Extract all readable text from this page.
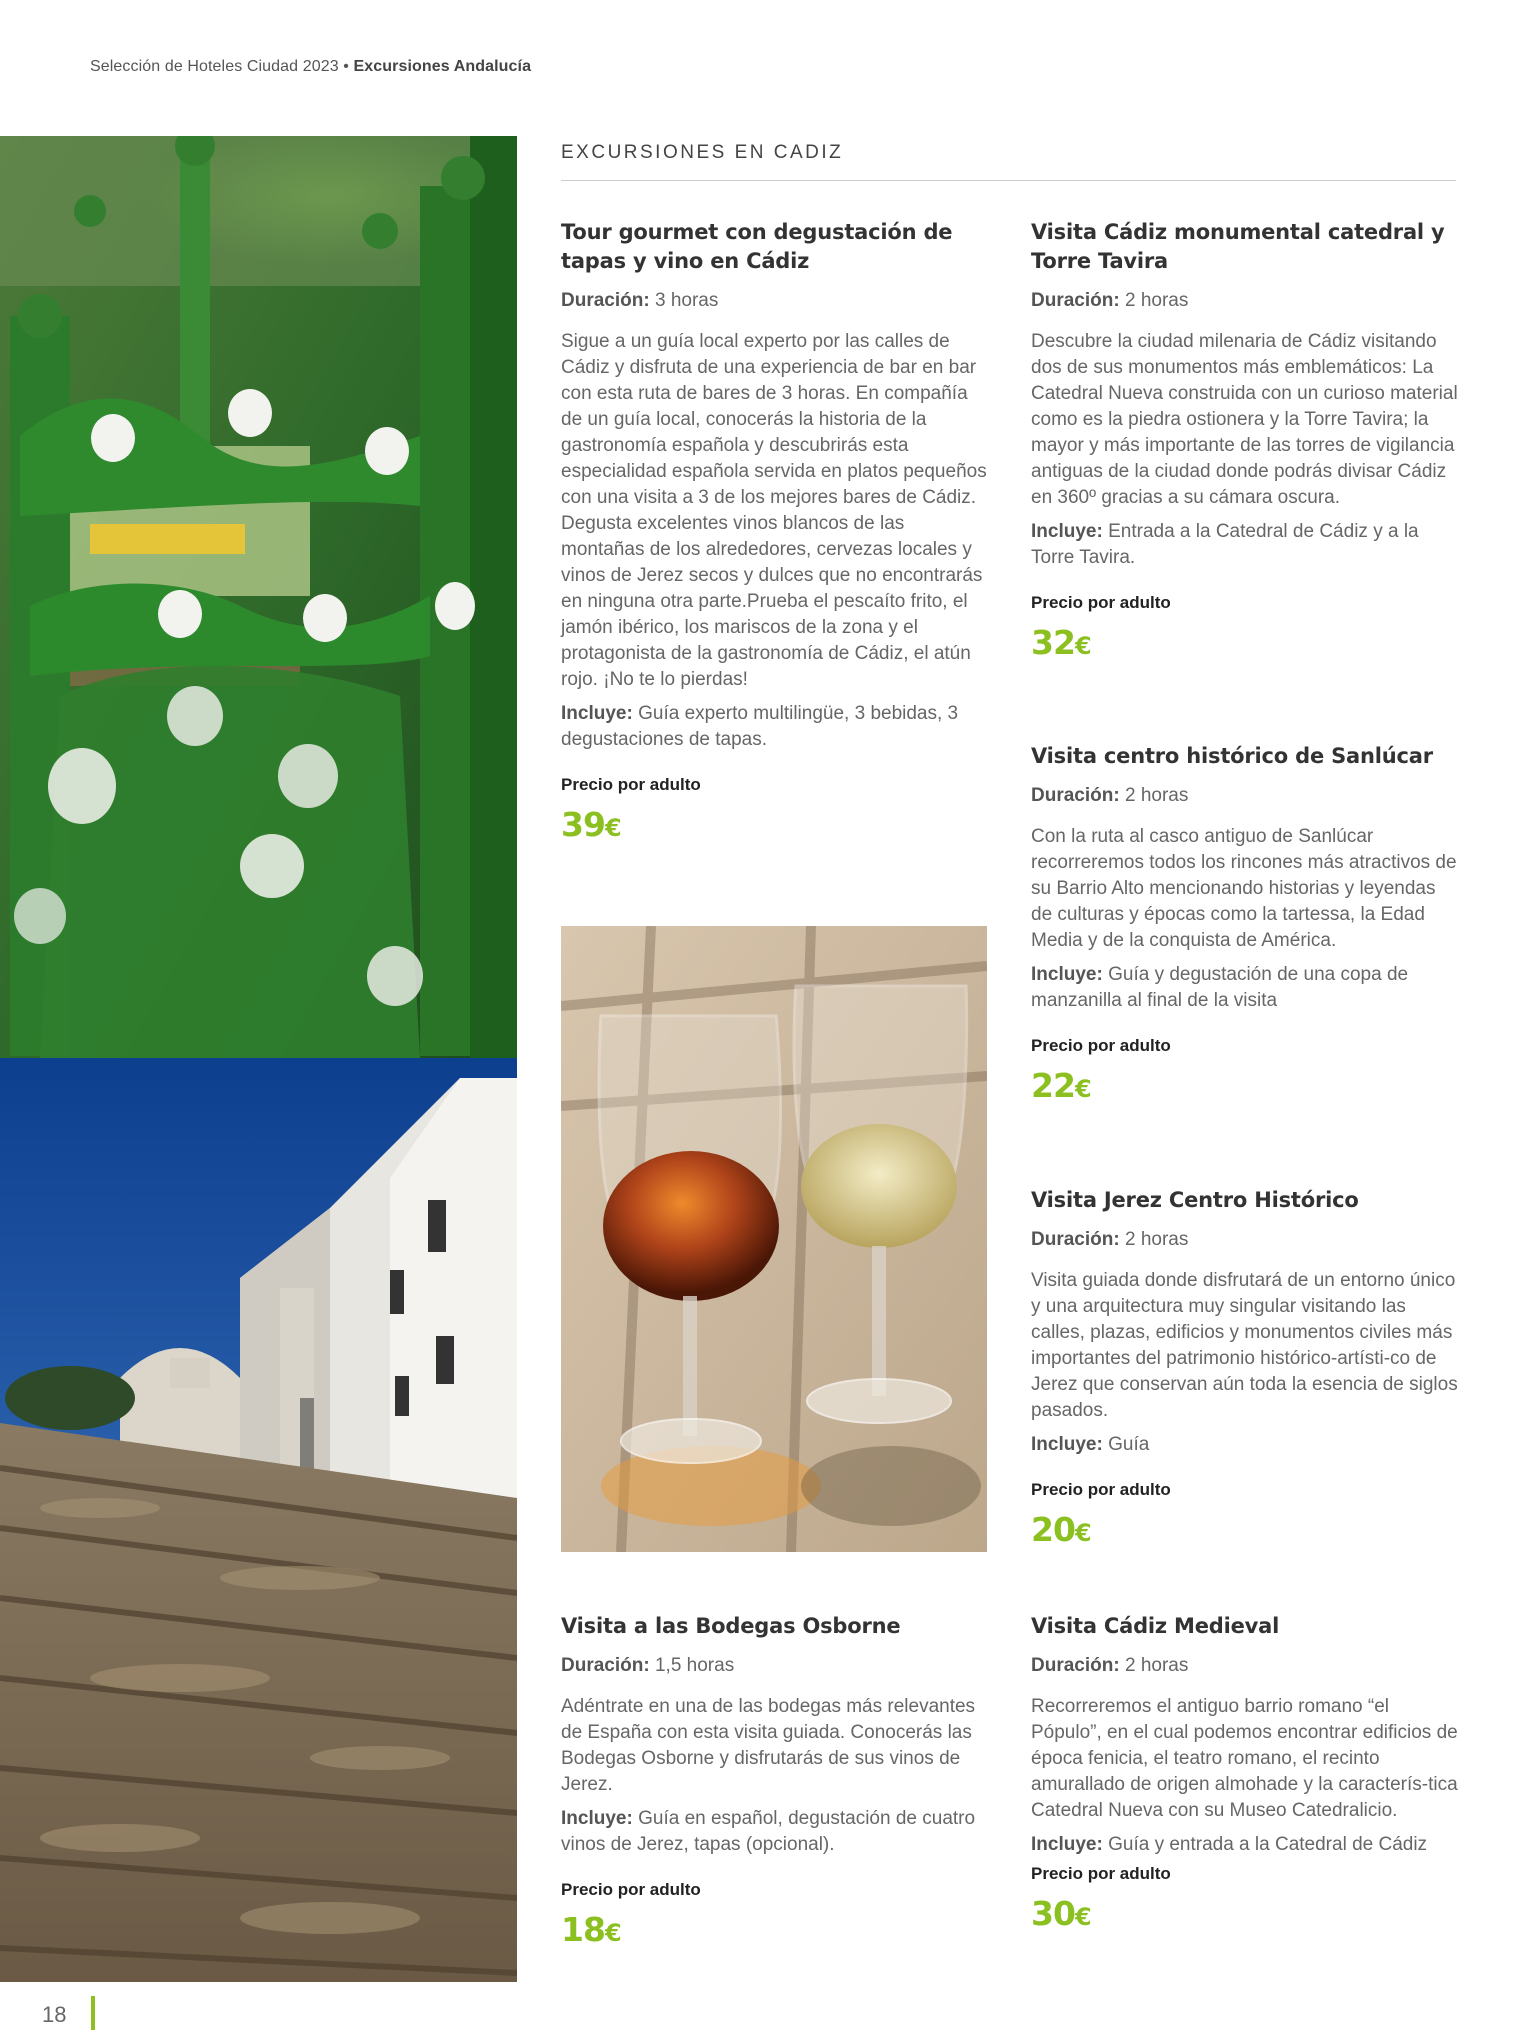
Selección de Hoteles Ciudad 2023 • Excursiones Andalucía
EXCURSIONES EN CADIZ
Tour gourmet con degustación de tapas y vino en Cádiz

Duración: 3 horas

Sigue a un guía local experto por las calles de Cádiz y disfruta de una experiencia de bar en bar con esta ruta de bares de 3 horas. En compañía de un guía local, conocerás la historia de la gastronomía española y descubrirás esta especialidad española servida en platos pequeños con una visita a 3 de los mejores bares de Cádiz. Degusta excelentes vinos blancos de las montañas de los alrededores, cervezas locales y vinos de Jerez secos y dulces que no encontrarás en ninguna otra parte.Prueba el pescaíto frito, el jamón ibérico, los mariscos de la zona y el protagonista de la gastronomía de Cádiz, el atún rojo. ¡No te lo pierdas!

Incluye: Guía experto multilingüe, 3 bebidas, 3 degustaciones de tapas.

Precio por adulto

39€

Visita a las Bodegas Osborne

Duración: 1,5 horas

Adéntrate en una de las bodegas más relevantes de España con esta visita guiada. Conocerás las Bodegas Osborne y disfrutarás de sus vinos de Jerez.

Incluye: Guía en español, degustación de cuatro vinos de Jerez, tapas (opcional).

Precio por adulto

18€

Visita Cádiz monumental catedral y Torre Tavira

Duración: 2 horas

Descubre la ciudad milenaria de Cádiz visitando dos de sus monumentos más emblemáticos: La Catedral Nueva construida con un curioso material como es la piedra ostionera y la Torre Tavira; la mayor y más importante de las torres de vigilancia antiguas de la ciudad donde podrás divisar Cádiz en 360º gracias a su cámara oscura.

Incluye: Entrada a la Catedral de Cádiz y a la Torre Tavira.

Precio por adulto

32€

Visita centro histórico de Sanlúcar

Duración: 2 horas

Con la ruta al casco antiguo de Sanlúcar recorreremos todos los rincones más atractivos de su Barrio Alto mencionando historias y leyendas de culturas y épocas como la tartessa, la Edad Media y de la conquista de América.

Incluye: Guía y degustación de una copa de manzanilla al final de la visita

Precio por adulto

22€

Visita Jerez Centro Histórico

Duración: 2 horas

Visita guiada donde disfrutará de un entorno único y una arquitectura muy singular visitando las calles, plazas, edificios y monumentos civiles más importantes del patrimonio histórico-artísti-co de Jerez que conservan aún toda la esencia de siglos pasados.

Incluye: Guía

Precio por adulto

20€

Visita Cádiz Medieval

Duración: 2 horas

Recorreremos el antiguo barrio romano “el Pópulo”, en el cual podemos encontrar edificios de época fenicia, el teatro romano, el recinto amurallado de origen almohade y la caracterís-tica Catedral Nueva con su Museo Catedralicio.

Incluye: Guía y entrada a la Catedral de Cádiz

Precio por adulto

30€

18
